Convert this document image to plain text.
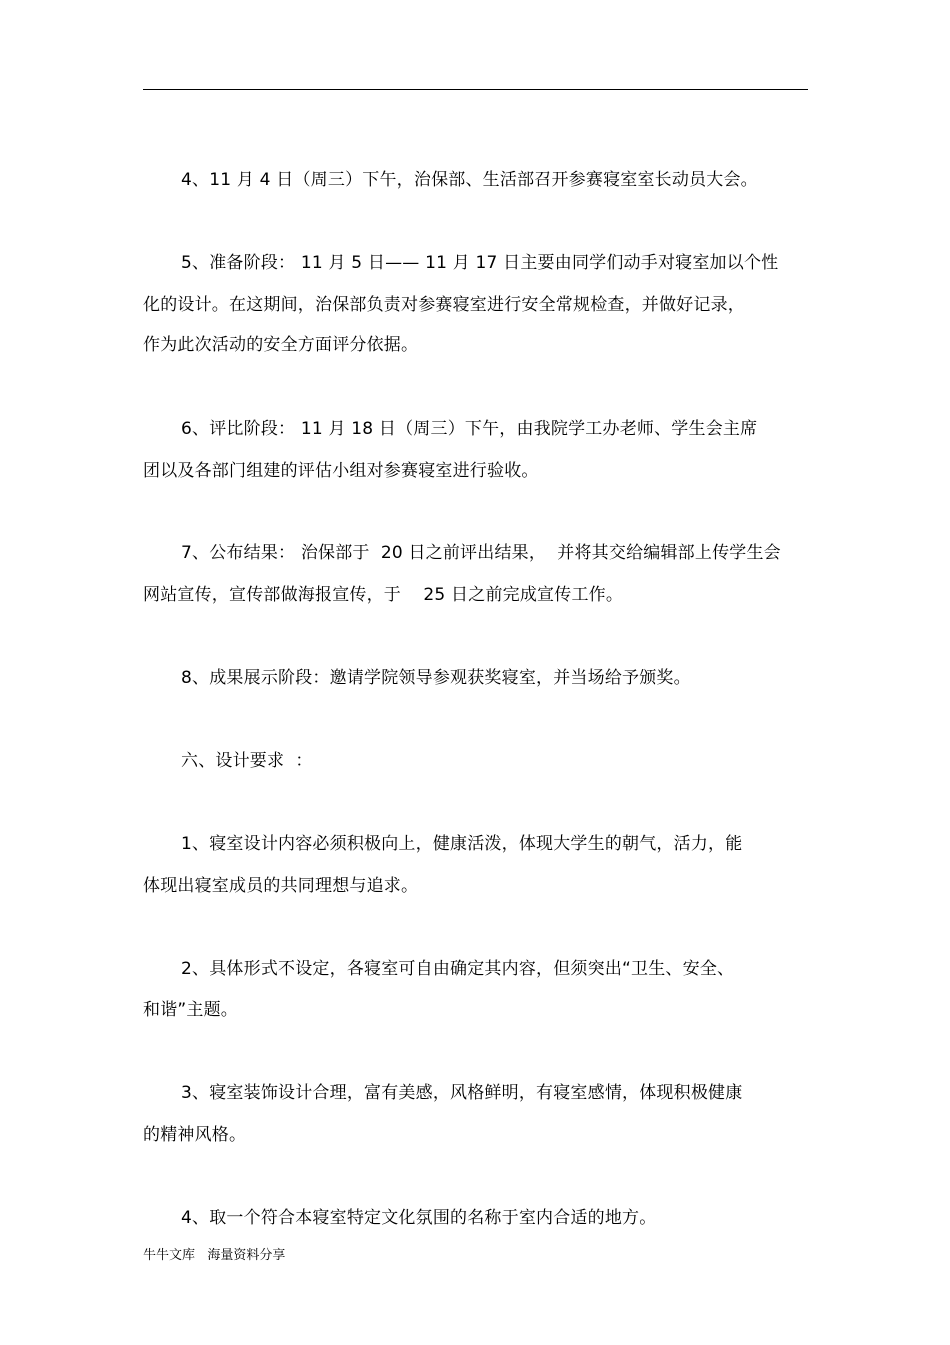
4、11 月 4 日（周三）下午，治保部、生活部召开参赛寝室室长动员大会。
5、准备阶段： 11 月 5 日—— 11 月 17 日主要由同学们动手对寝室加以个性
化的设计。在这期间，治保部负责对参赛寝室进行安全常规检查，并做好记录，
作为此次活动的安全方面评分依据。
6、评比阶段： 11 月 18 日（周三）下午，由我院学工办老师、学生会主席
团以及各部门组建的评估小组对参赛寝室进行验收。
7、公布结果： 治保部于  20 日之前评出结果，  并将其交给编辑部上传学生会
网站宣传，宣传部做海报宣传，于    25 日之前完成宣传工作。
8、成果展示阶段：邀请学院领导参观获奖寝室，并当场给予颁奖。
六、设计要求  ：
1、寝室设计内容必须积极向上，健康活泼，体现大学生的朝气，活力，能
体现出寝室成员的共同理想与追求。
2、具体形式不设定，各寝室可自由确定其内容，但须突出“卫生、安全、
和谐”主题。
3、寝室装饰设计合理，富有美感，风格鲜明，有寝室感情，体现积极健康
的精神风格。
4、取一个符合本寝室特定文化氛围的名称于室内合适的地方。
牛牛文库   海量资料分享
